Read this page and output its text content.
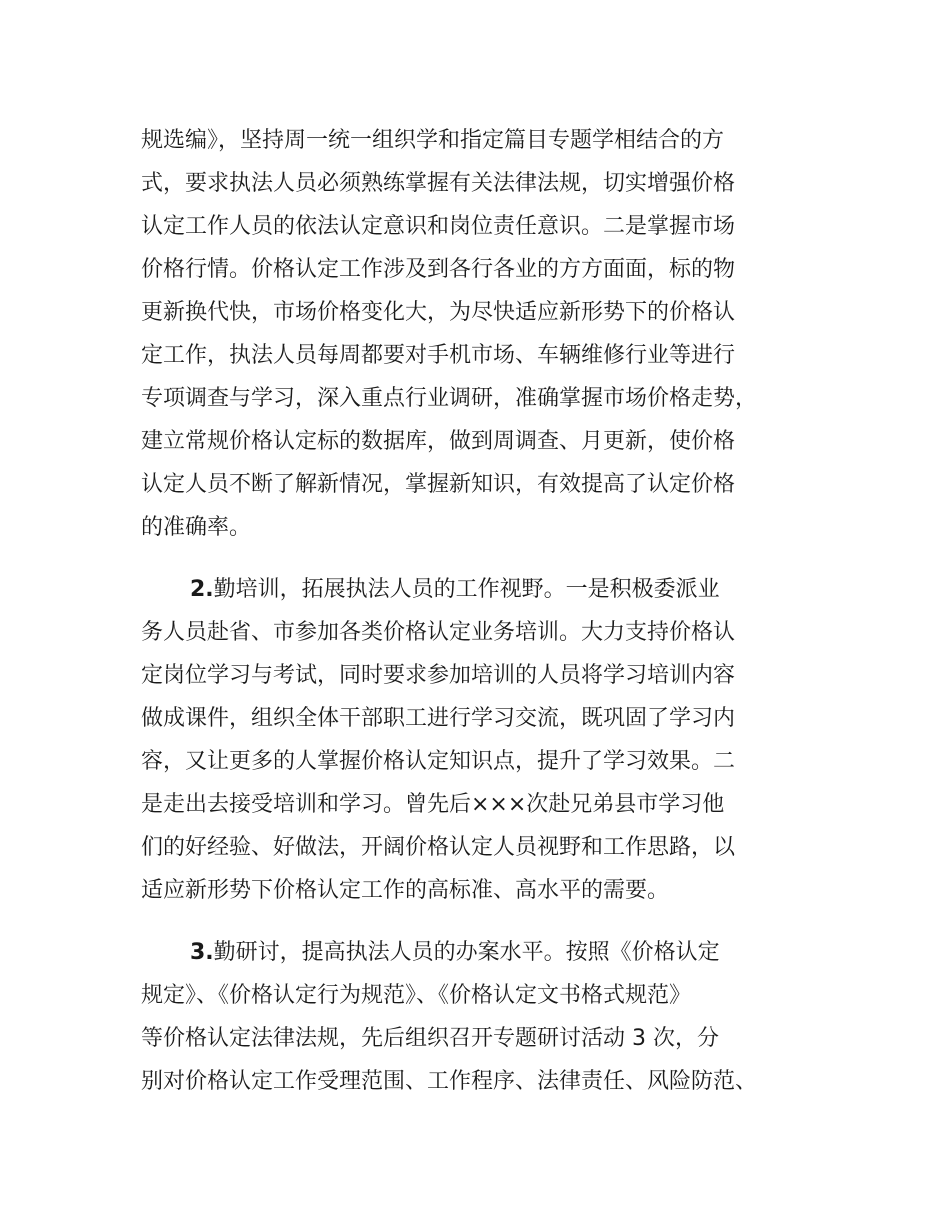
规选编》，坚持周一统一组织学和指定篇目专题学相结合的方
式，要求执法人员必须熟练掌握有关法律法规，切实增强价格
认定工作人员的依法认定意识和岗位责任意识。二是掌握市场
价格行情。价格认定工作涉及到各行各业的方方面面，标的物
更新换代快，市场价格变化大，为尽快适应新形势下的价格认
定工作，执法人员每周都要对手机市场、车辆维修行业等进行
专项调查与学习，深入重点行业调研，准确掌握市场价格走势，
建立常规价格认定标的数据库，做到周调查、月更新，使价格
认定人员不断了解新情况，掌握新知识，有效提高了认定价格
的准确率。
2.勤培训，拓展执法人员的工作视野。一是积极委派业
务人员赴省、市参加各类价格认定业务培训。大力支持价格认
定岗位学习与考试，同时要求参加培训的人员将学习培训内容
做成课件，组织全体干部职工进行学习交流，既巩固了学习内
容，又让更多的人掌握价格认定知识点，提升了学习效果。二
是走出去接受培训和学习。曾先后×××次赴兄弟县市学习他
们的好经验、好做法，开阔价格认定人员视野和工作思路，以
适应新形势下价格认定工作的高标准、高水平的需要。
3.勤研讨，提高执法人员的办案水平。按照《价格认定
规定》、《价格认定行为规范》、《价格认定文书格式规范》
等价格认定法律法规，先后组织召开专题研讨活动 3 次，分
别对价格认定工作受理范围、工作程序、法律责任、风险防范、
